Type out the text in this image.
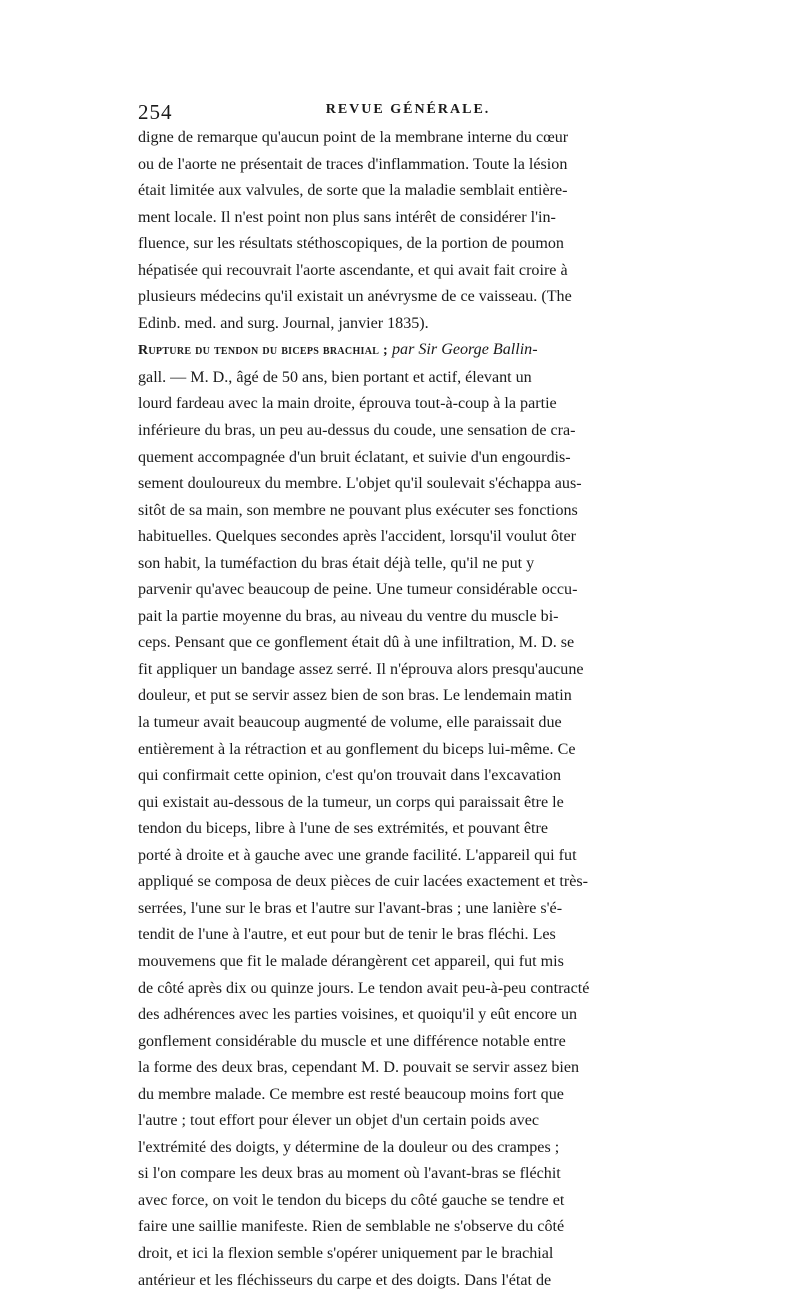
254	REVUE GÉNÉRALE.
digne de remarque qu'aucun point de la membrane interne du cœur
ou de l'aorte ne présentait de traces d'inflammation. Toute la lésion
était limitée aux valvules, de sorte que la maladie semblait entière-
ment locale. Il n'est point non plus sans intérêt de considérer l'in-
fluence, sur les résultats stéthoscopiques, de la portion de poumon
hépatisée qui recouvrait l'aorte ascendante, et qui avait fait croire à
plusieurs médecins qu'il existait un anévrysme de ce vaisseau. (The
Edinb. med. and surg. Journal, janvier 1835).
Rupture du tendon du biceps brachial ; par Sir George Ballin-
gall. — M. D., âgé de 50 ans, bien portant et actif, élevant un
lourd fardeau avec la main droite, éprouva tout-à-coup à la partie
inférieure du bras, un peu au-dessus du coude, une sensation de cra-
quement accompagnée d'un bruit éclatant, et suivie d'un engourdis-
sement douloureux du membre. L'objet qu'il soulevait s'échappa aus-
sitôt de sa main, son membre ne pouvant plus exécuter ses fonctions
habituelles. Quelques secondes après l'accident, lorsqu'il voulut ôter
son habit, la tuméfaction du bras était déjà telle, qu'il ne put y
parvenir qu'avec beaucoup de peine. Une tumeur considérable occu-
pait la partie moyenne du bras, au niveau du ventre du muscle bi-
ceps. Pensant que ce gonflement était dû à une infiltration, M. D. se
fit appliquer un bandage assez serré. Il n'éprouva alors presqu'aucune
douleur, et put se servir assez bien de son bras. Le lendemain matin
la tumeur avait beaucoup augmenté de volume, elle paraissait due
entièrement à la rétraction et au gonflement du biceps lui-même. Ce
qui confirmait cette opinion, c'est qu'on trouvait dans l'excavation
qui existait au-dessous de la tumeur, un corps qui paraissait être le
tendon du biceps, libre à l'une de ses extrémités, et pouvant être
porté à droite et à gauche avec une grande facilité. L'appareil qui fut
appliqué se composa de deux pièces de cuir lacées exactement et très-
serrées, l'une sur le bras et l'autre sur l'avant-bras ; une lanière s'é-
tendit de l'une à l'autre, et eut pour but de tenir le bras fléchi. Les
mouvemens que fit le malade dérangèrent cet appareil, qui fut mis
de côté après dix ou quinze jours. Le tendon avait peu-à-peu contracté
des adhérences avec les parties voisines, et quoiqu'il y eût encore un
gonflement considérable du muscle et une différence notable entre
la forme des deux bras, cependant M. D. pouvait se servir assez bien
du membre malade. Ce membre est resté beaucoup moins fort que
l'autre ; tout effort pour élever un objet d'un certain poids avec
l'extrémité des doigts, y détermine de la douleur ou des crampes ;
si l'on compare les deux bras au moment où l'avant-bras se fléchit
avec force, on voit le tendon du biceps du côté gauche se tendre et
faire une saillie manifeste. Rien de semblable ne s'observe du côté
droit, et ici la flexion semble s'opérer uniquement par le brachial
antérieur et les fléchisseurs du carpe et des doigts. Dans l'état de
